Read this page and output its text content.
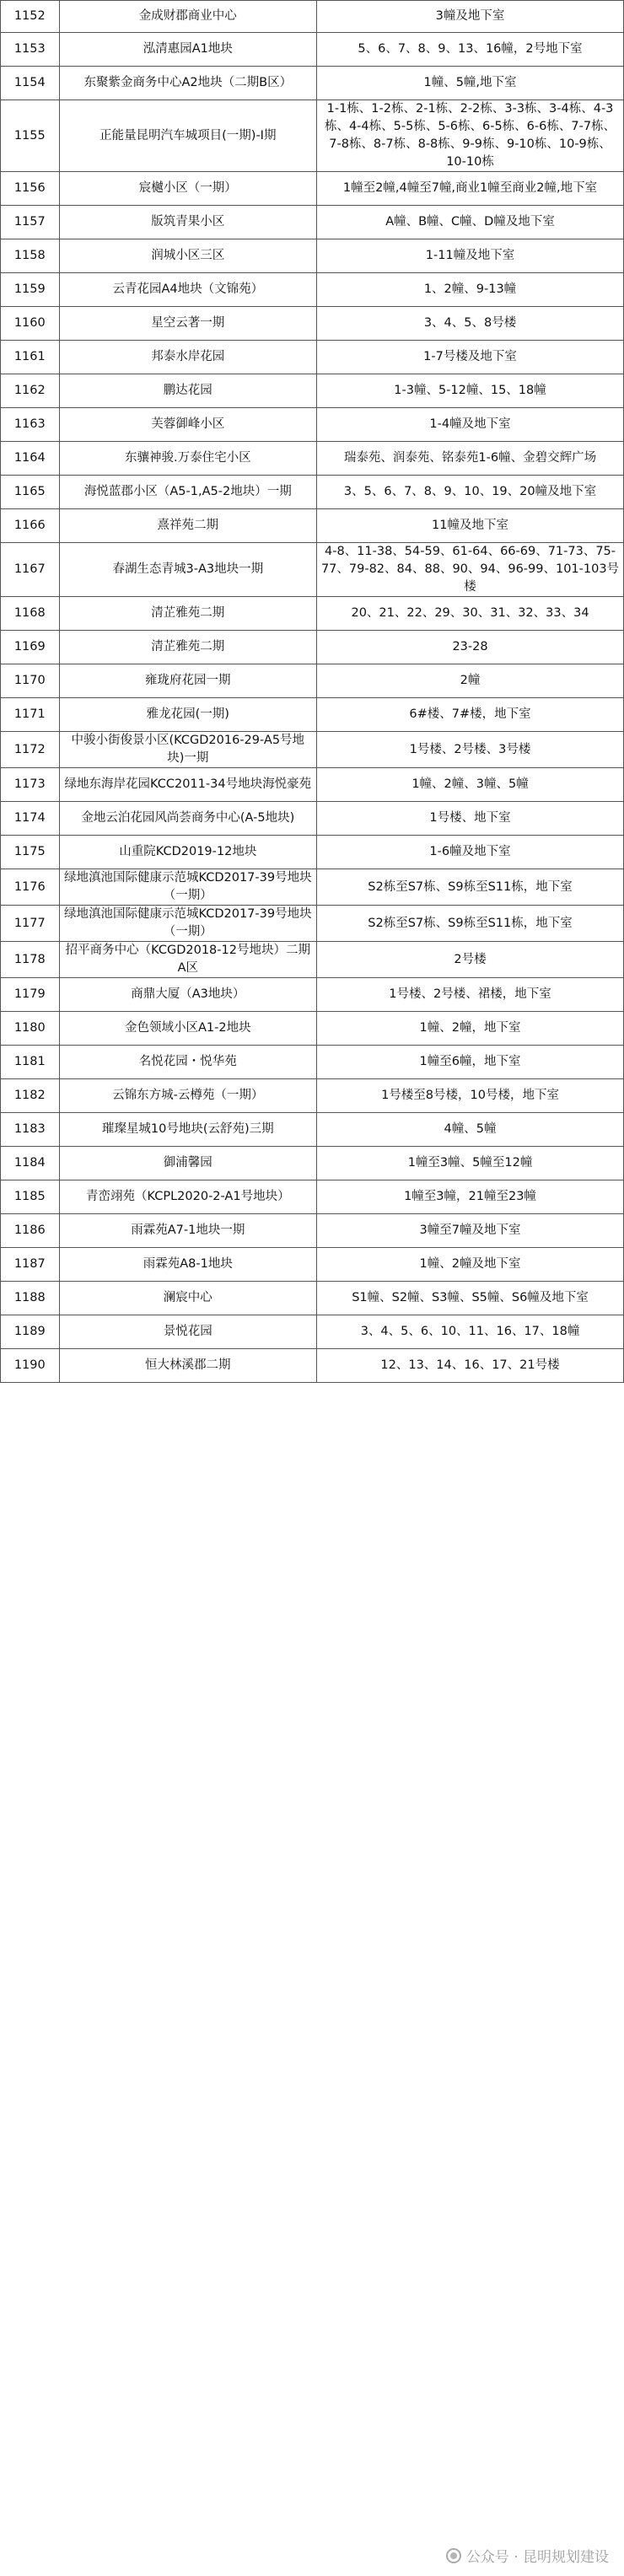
1152	金成财郡商业中心	3幢及地下室
1153	泓清惠园A1地块	5、6、7、8、9、13、16幢，2号地下室
1154	东聚紫金商务中心A2地块（二期B区）	1幢、5幢,地下室
1155	正能量昆明汽车城项目(一期)-Ⅰ期	1-1栋、1-2栋、2-1栋、2-2栋、3-3栋、3-4栋、4-3栋、4-4栋、5-5栋、5-6栋、6-5栋、6-6栋、7-7栋、7-8栋、8-7栋、8-8栋、9-9栋、9-10栋、10-9栋、10-10栋
1156	宸樾小区（一期）	1幢至2幢,4幢至7幢,商业1幢至商业2幢,地下室
1157	版筑青果小区	A幢、B幢、C幢、D幢及地下室
1158	润城小区三区	1-11幢及地下室
1159	云青花园A4地块（文锦苑）	1、2幢、9-13幢
1160	星空云著一期	3、4、5、8号楼
1161	邦泰水岸花园	1-7号楼及地下室
1162	鹏达花园	1-3幢、5-12幢、15、18幢
1163	芙蓉御峰小区	1-4幢及地下室
1164	东骧神骏.万泰住宅小区	瑞泰苑、润泰苑、铭泰苑1-6幢、金碧交辉广场
1165	海悦蓝郡小区（A5-1,A5-2地块）一期	3、5、6、7、8、9、10、19、20幢及地下室
1166	熹祥苑二期	11幢及地下室
1167	春湖生态青城3-A3地块一期	4-8、11-38、54-59、61-64、66-69、71-73、75-77、79-82、84、88、90、94、96-99、101-103号楼
1168	清芷雅苑二期	20、21、22、29、30、31、32、33、34
1169	清芷雅苑二期	23-28
1170	雍珑府花园一期	2幢
1171	雅龙花园(一期)	6#楼、7#楼，地下室
1172	中骏小街俊景小区(KCGD2016-29-A5号地块)一期	1号楼、2号楼、3号楼
1173	绿地东海岸花园KCC2011-34号地块海悦豪苑	1幢、2幢、3幢、5幢
1174	金地云泊花园风尚荟商务中心(A-5地块)	1号楼、地下室
1175	山重院KCD2019-12地块	1-6幢及地下室
1176	绿地滇池国际健康示范城KCD2017-39号地块（一期）	S2栋至S7栋、S9栋至S11栋，地下室
1177	绿地滇池国际健康示范城KCD2017-39号地块（一期）	S2栋至S7栋、S9栋至S11栋，地下室
1178	招平商务中心（KCGD2018-12号地块）二期A区	2号楼
1179	商鼎大厦（A3地块）	1号楼、2号楼、裙楼，地下室
1180	金色领域小区A1-2地块	1幢、2幢，地下室
1181	名悦花园・悦华苑	1幢至6幢，地下室
1182	云锦东方城-云樽苑（一期）	1号楼至8号楼，10号楼，地下室
1183	璀璨星城10号地块(云舒苑)三期	4幢、5幢
1184	御浦馨园	1幢至3幢、5幢至12幢
1185	青峦翊苑（KCPL2020-2-A1号地块）	1幢至3幢，21幢至23幢
1186	雨霖苑A7-1地块一期	3幢至7幢及地下室
1187	雨霖苑A8-1地块	1幢、2幢及地下室
1188	澜宸中心	S1幢、S2幢、S3幢、S5幢、S6幢及地下室
1189	景悦花园	3、4、5、6、10、11、16、17、18幢
1190	恒大林溪郡二期	12、13、14、16、17、21号楼
公众号 · 昆明规划建设
